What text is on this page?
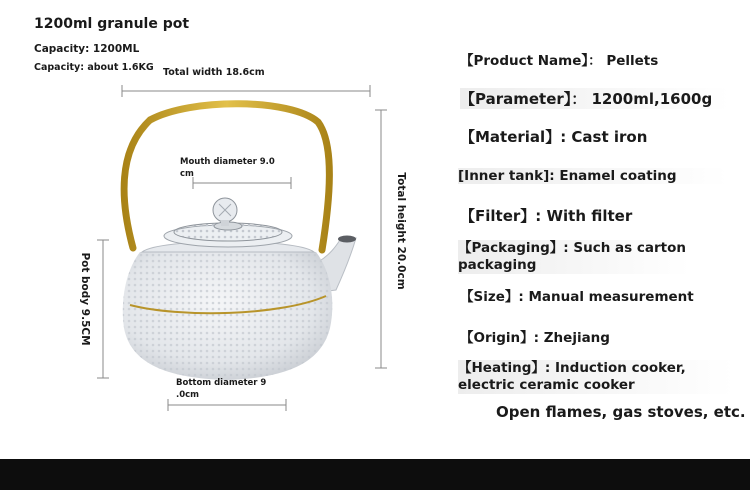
1200ml granule pot
Capacity: 1200ML
Capacity: about 1.6KG Total width 18.6cm
Mouth diameter 9.0 cm	Total height 20.0cm
Pot body 9.5CM
Bottom diameter 9 .0cm
【Product Name】： Pellets
【Parameter】： 1200ml,1600g
【Material】: Cast iron
[Inner tank]: Enamel coating
【Filter】: With filter
【Packaging】: Such as carton packaging
【Size】: Manual measurement
【Origin】: Zhejiang
【Heating】: Induction cooker, electric ceramic cooker
Open flames, gas stoves, etc.
